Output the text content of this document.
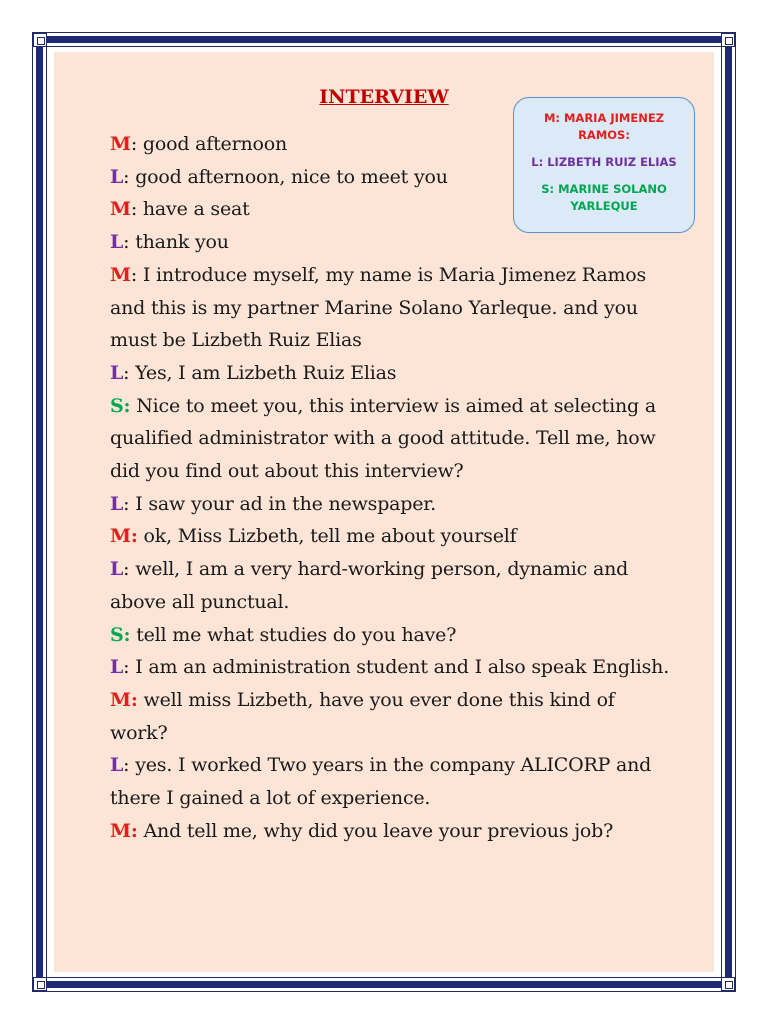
INTERVIEW
M: MARIA JIMENEZ RAMOS:
L: LIZBETH RUIZ ELIAS
S: MARINE SOLANO YARLEQUE

M: good afternoon

L: good afternoon, nice to meet you

M: have a seat

L: thank you

M: I introduce myself, my name is Maria Jimenez Ramos and this is my partner Marine Solano Yarleque. and you must be Lizbeth Ruiz Elias

L: Yes, I am Lizbeth Ruiz Elias

S: Nice to meet you, this interview is aimed at selecting a qualified administrator with a good attitude. Tell me, how did you find out about this interview?

L: I saw your ad in the newspaper.

M: ok, Miss Lizbeth, tell me about yourself

L: well, I am a very hard-working person, dynamic and above all punctual.

S: tell me what studies do you have?

L: I am an administration student and I also speak English.

M: well miss Lizbeth, have you ever done this kind of work?

L: yes. I worked Two years in the company ALICORP and there I gained a lot of experience.

M: And tell me, why did you leave your previous job?
